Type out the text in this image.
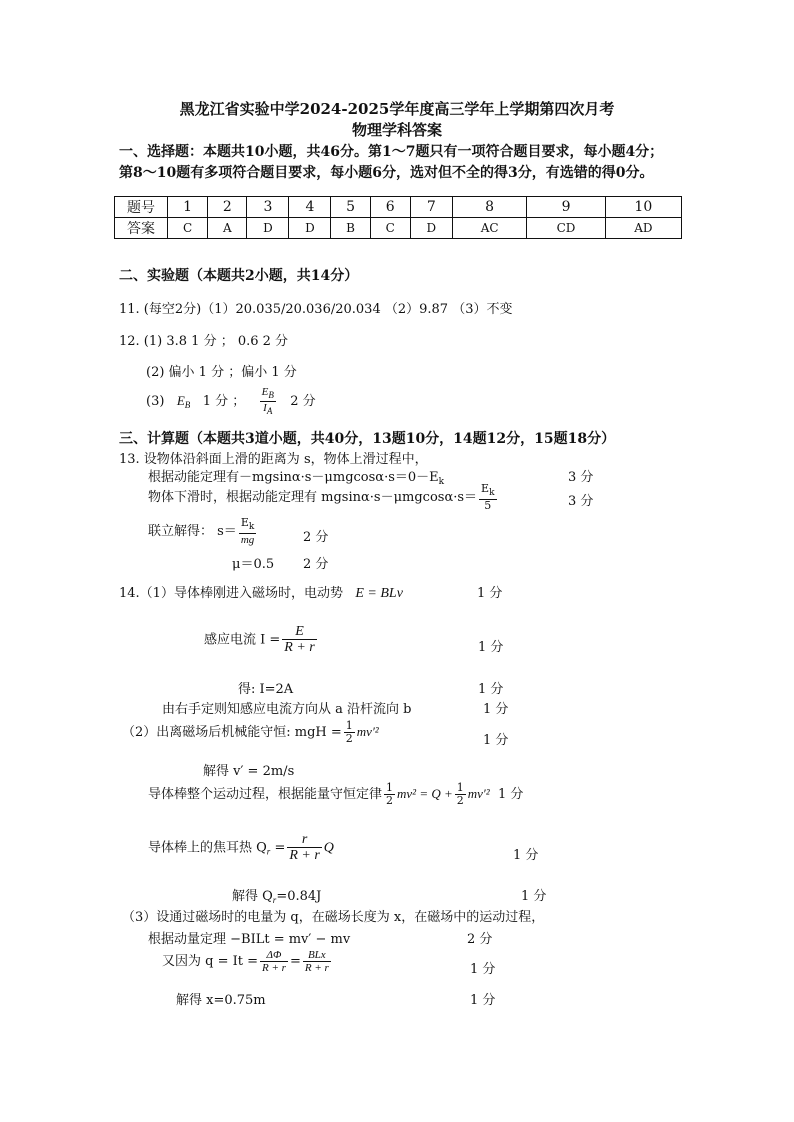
黑龙江省实验中学2024-2025学年度高三学年上学期第四次月考
物理学科答案
一、选择题：本题共10小题，共46分。第1～7题只有一项符合题目要求，每小题4分；
第8～10题有多项符合题目要求，每小题6分，选对但不全的得3分，有选错的得0分。
题号	1	2	3	4	5	6	7	8	9	10
答案	C	A	D	D	B	C	D	AC	CD	AD
二、实验题（本题共2小题，共14分）
11. (每空2分)（1）20.035/20.036/20.034 （2）9.87 （3）不变
12. (1) 3.8 1 分 ； 0.6 2 分
(2) 偏小 1 分 ；偏小 1 分
(3) $E_B$ 1 分 ； $\frac{E_B}{I_A} 2$ 分
三、计算题（本题共3道小题，共40分，13题10分，14题12分，15题18分）
13. 设物体沿斜面上滑的距离为 s，物体上滑过程中，
根据动能定理有$-mgsin\alpha\cdot s-\mu mgcos\alpha\cdot s=0-E_k$	3 分
物体下滑时，根据动能定理有 $mgsin\alpha\cdot s-\mu mgcos\alpha\cdot s= \frac{E_k}{5}$	3 分
联立解得： $s= \frac{E_k}{mg}$	2 分
μ＝0.5 2 分
14.（1）导体棒刚进入磁场时，电动势 E = BLv	1 分
感应电流 $I = \frac{E}{R + r}$	1 分
得: I=2A	1 分
由右手定则知感应电流方向从 a 沿杆流向 b	1 分
（2）出离磁场后机械能守恒: mgH = $\frac{1}{2} mv'^2$
1 分
解得 v′ = 2m/s
导体棒整个运动过程，根据能量守恒定律 $\frac{1}{2} mv^2 = Q + \frac{1}{2} mv'^2$ 1 分
导体棒上的焦耳热 $Q_r = \frac{r}{R + r}$ Q
1 分
解得 $Q_r=0.84J$	1 分
（3）设通过磁场时的电量为 q，在磁场长度为 x，在磁场中的运动过程，
根据动量定理 −BILt = mv′ − mv	2 分
又因为 $q = It = \frac{\Delta\Phi}{R + r} = \frac{\text{BLx}}{R + r}$	1 分
解得 x=0.75m	1 分
